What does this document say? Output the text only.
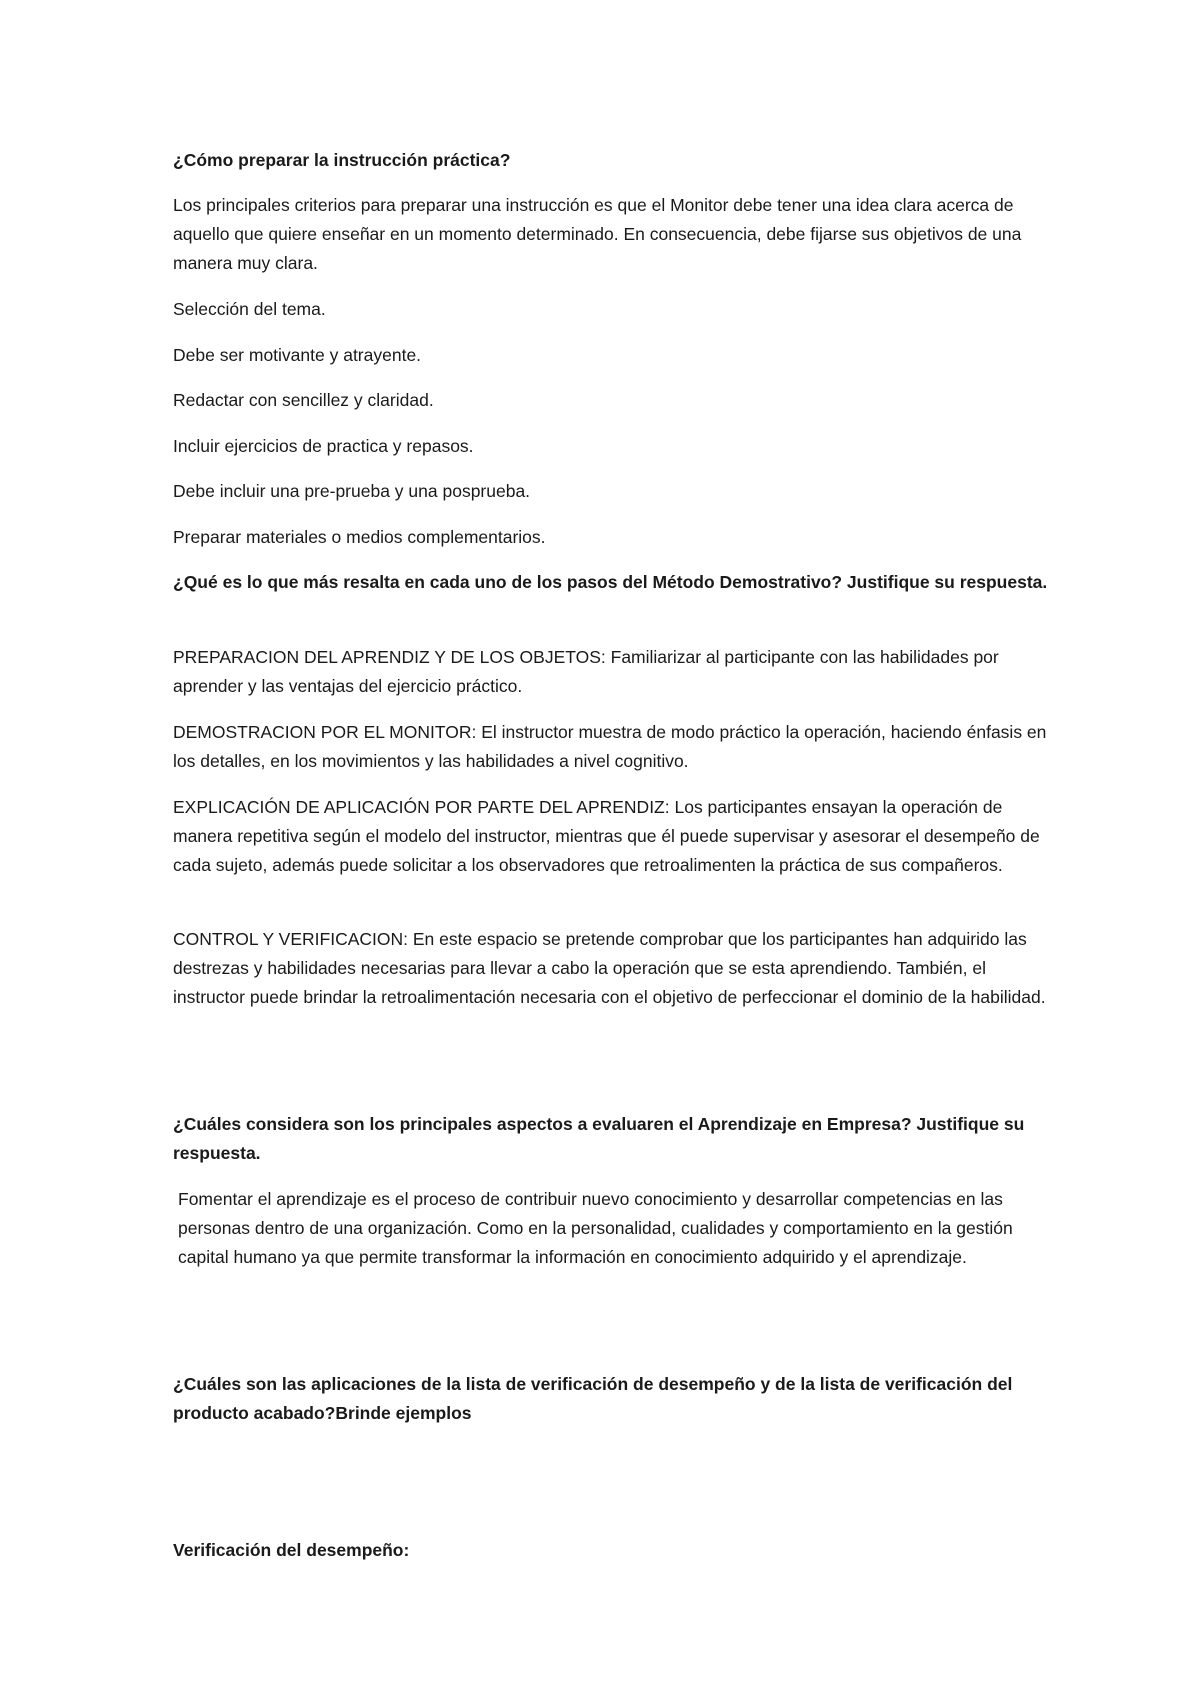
¿Cómo preparar la instrucción práctica?

Los principales criterios para preparar una instrucción es que el Monitor debe tener una idea clara acerca de aquello que quiere enseñar en un momento determinado. En consecuencia, debe fijarse sus objetivos de una manera muy clara.

Selección del tema.

Debe ser motivante y atrayente.

Redactar con sencillez y claridad.

Incluir ejercicios de practica y repasos.

Debe incluir una pre-prueba y una posprueba.

Preparar materiales o medios complementarios.

¿Qué es lo que más resalta en cada uno de los pasos del Método Demostrativo? Justifique su respuesta.

PREPARACION DEL APRENDIZ Y DE LOS OBJETOS: Familiarizar al participante con las habilidades por aprender y las ventajas del ejercicio práctico.

DEMOSTRACION POR EL MONITOR: El instructor muestra de modo práctico la operación, haciendo énfasis en los detalles, en los movimientos y las habilidades a nivel cognitivo.

EXPLICACIÓN DE APLICACIÓN POR PARTE DEL APRENDIZ: Los participantes ensayan la operación de manera repetitiva según el modelo del instructor, mientras que él puede supervisar y asesorar el desempeño de cada sujeto, además puede solicitar a los observadores que retroalimenten la práctica de sus compañeros.

CONTROL Y VERIFICACION: En este espacio se pretende comprobar que los participantes han adquirido las destrezas y habilidades necesarias para llevar a cabo la operación que se esta aprendiendo. También, el instructor puede brindar la retroalimentación necesaria con el objetivo de perfeccionar el dominio de la habilidad.

¿Cuáles considera son los principales aspectos a evaluaren el Aprendizaje en Empresa? Justifique su respuesta.

Fomentar el aprendizaje es el proceso de contribuir nuevo conocimiento y desarrollar competencias en las personas dentro de una organización. Como en la personalidad, cualidades y comportamiento en la gestión capital humano ya que permite transformar la información en conocimiento adquirido y el aprendizaje.

¿Cuáles son las aplicaciones de la lista de verificación de desempeño y de la lista de verificación del producto acabado?Brinde ejemplos

Verificación del desempeño:
